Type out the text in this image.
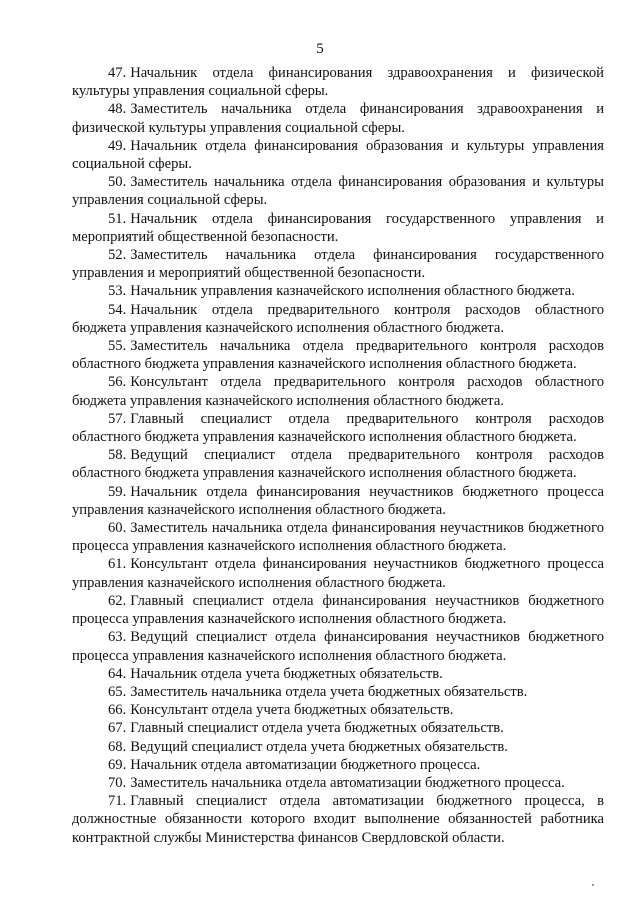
5

47. Начальник отдела финансирования здравоохранения и физической культуры управления социальной сферы.

48. Заместитель начальника отдела финансирования здравоохранения и физической культуры управления социальной сферы.

49. Начальник отдела финансирования образования и культуры управления социальной сферы.

50. Заместитель начальника отдела финансирования образования и культуры управления социальной сферы.

51. Начальник отдела финансирования государственного управления и мероприятий общественной безопасности.

52. Заместитель начальника отдела финансирования государственного управления и мероприятий общественной безопасности.

53. Начальник управления казначейского исполнения областного бюджета.

54. Начальник отдела предварительного контроля расходов областного бюджета управления казначейского исполнения областного бюджета.

55. Заместитель начальника отдела предварительного контроля расходов областного бюджета управления казначейского исполнения областного бюджета.

56. Консультант отдела предварительного контроля расходов областного бюджета управления казначейского исполнения областного бюджета.

57. Главный специалист отдела предварительного контроля расходов областного бюджета управления казначейского исполнения областного бюджета.

58. Ведущий специалист отдела предварительного контроля расходов областного бюджета управления казначейского исполнения областного бюджета.

59. Начальник отдела финансирования неучастников бюджетного процесса управления казначейского исполнения областного бюджета.

60. Заместитель начальника отдела финансирования неучастников бюджетного процесса управления казначейского исполнения областного бюджета.

61. Консультант отдела финансирования неучастников бюджетного процесса управления казначейского исполнения областного бюджета.

62. Главный специалист отдела финансирования неучастников бюджетного процесса управления казначейского исполнения областного бюджета.

63. Ведущий специалист отдела финансирования неучастников бюджетного процесса управления казначейского исполнения областного бюджета.

64. Начальник отдела учета бюджетных обязательств.

65. Заместитель начальника отдела учета бюджетных обязательств.

66. Консультант отдела учета бюджетных обязательств.

67. Главный специалист отдела учета бюджетных обязательств.

68. Ведущий специалист отдела учета бюджетных обязательств.

69. Начальник отдела автоматизации бюджетного процесса.

70. Заместитель начальника отдела автоматизации бюджетного процесса.

71. Главный специалист отдела автоматизации бюджетного процесса, в должностные обязанности которого входит выполнение обязанностей работника контрактной службы Министерства финансов Свердловской области.
